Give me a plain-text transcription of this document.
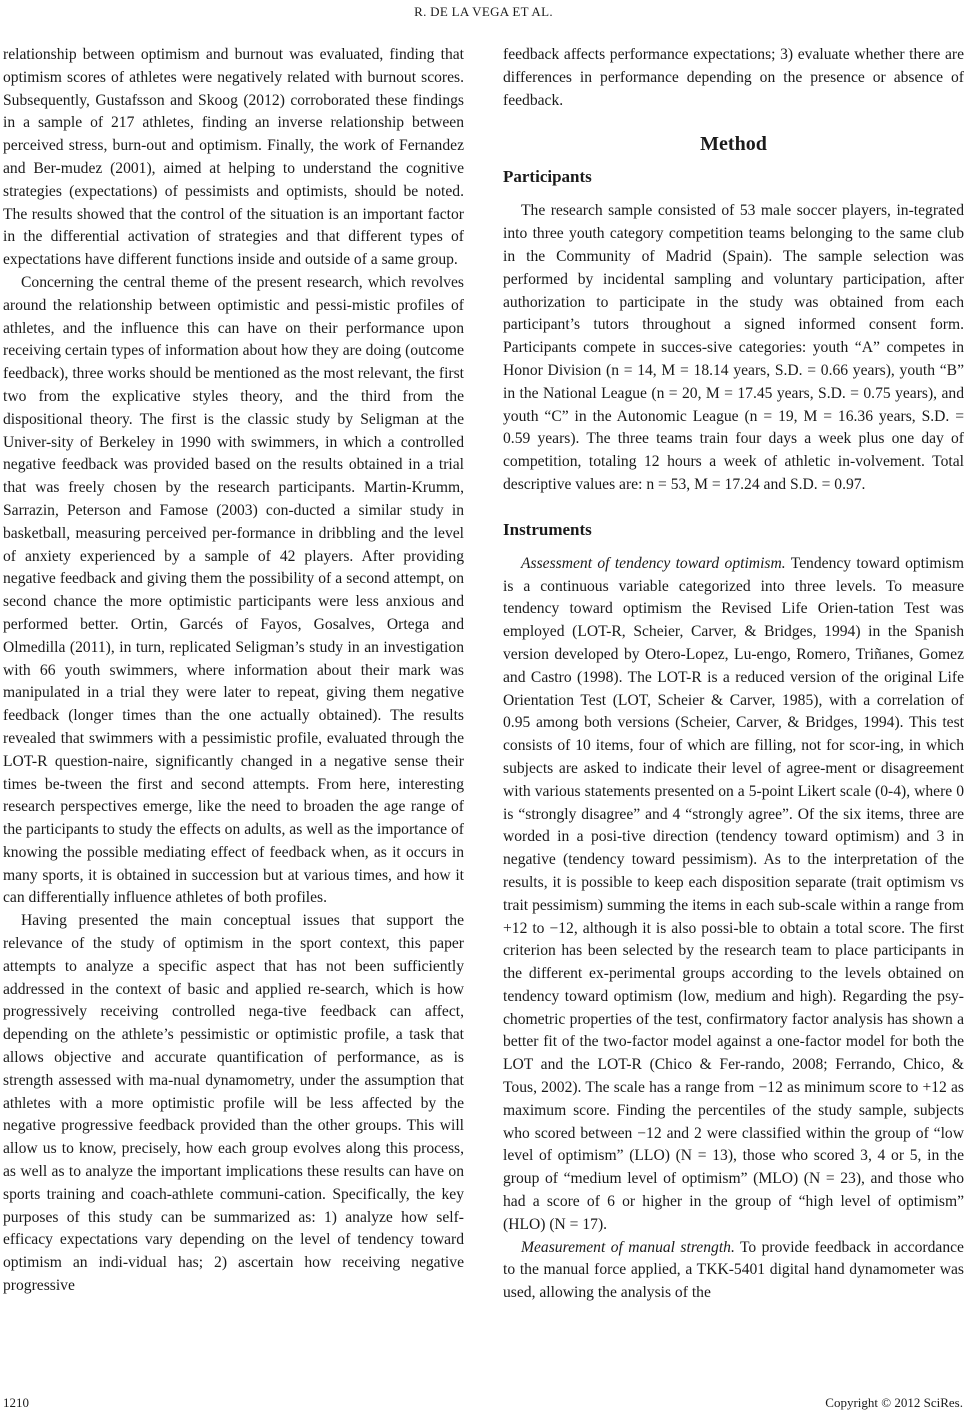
R. DE LA VEGA ET AL.

relationship between optimism and burnout was evaluated, finding that optimism scores of athletes were negatively related with burnout scores. Subsequently, Gustafsson and Skoog (2012) corroborated these findings in a sample of 217 athletes, finding an inverse relationship between perceived stress, burn-out and optimism. Finally, the work of Fernandez and Ber-mudez (2001), aimed at helping to understand the cognitive strategies (expectations) of pessimists and optimists, should be noted. The results showed that the control of the situation is an important factor in the differential activation of strategies and that different types of expectations have different functions inside and outside of a same group.

Concerning the central theme of the present research, which revolves around the relationship between optimistic and pessi-mistic profiles of athletes, and the influence this can have on their performance upon receiving certain types of information about how they are doing (outcome feedback), three works should be mentioned as the most relevant, the first two from the explicative styles theory, and the third from the dispositional theory. The first is the classic study by Seligman at the Univer-sity of Berkeley in 1990 with swimmers, in which a controlled negative feedback was provided based on the results obtained in a trial that was freely chosen by the research participants. Martin-Krumm, Sarrazin, Peterson and Famose (2003) con-ducted a similar study in basketball, measuring perceived per-formance in dribbling and the level of anxiety experienced by a sample of 42 players. After providing negative feedback and giving them the possibility of a second attempt, on second chance the more optimistic participants were less anxious and performed better. Ortin, Garcés of Fayos, Gosalves, Ortega and Olmedilla (2011), in turn, replicated Seligman’s study in an investigation with 66 youth swimmers, where information about their mark was manipulated in a trial they were later to repeat, giving them negative feedback (longer times than the one actually obtained). The results revealed that swimmers with a pessimistic profile, evaluated through the LOT-R question-naire, significantly changed in a negative sense their times be-tween the first and second attempts. From here, interesting research perspectives emerge, like the need to broaden the age range of the participants to study the effects on adults, as well as the importance of knowing the possible mediating effect of feedback when, as it occurs in many sports, it is obtained in succession but at various times, and how it can differentially influence athletes of both profiles.

Having presented the main conceptual issues that support the relevance of the study of optimism in the sport context, this paper attempts to analyze a specific aspect that has not been sufficiently addressed in the context of basic and applied re-search, which is how progressively receiving controlled nega-tive feedback can affect, depending on the athlete’s pessimistic or optimistic profile, a task that allows objective and accurate quantification of performance, as is strength assessed with ma-nual dynamometry, under the assumption that athletes with a more optimistic profile will be less affected by the negative progressive feedback provided than the other groups. This will allow us to know, precisely, how each group evolves along this process, as well as to analyze the important implications these results can have on sports training and coach-athlete communi-cation. Specifically, the key purposes of this study can be summarized as: 1) analyze how self-efficacy expectations vary depending on the level of tendency toward optimism an indi-vidual has; 2) ascertain how receiving negative progressive

feedback affects performance expectations; 3) evaluate whether there are differences in performance depending on the presence or absence of feedback.

Method
Participants

The research sample consisted of 53 male soccer players, in-tegrated into three youth category competition teams belonging to the same club in the Community of Madrid (Spain). The sample selection was performed by incidental sampling and voluntary participation, after authorization to participate in the study was obtained from each participant’s tutors throughout a signed informed consent form. Participants compete in succes-sive categories: youth “A” competes in Honor Division (n = 14, M = 18.14 years, S.D. = 0.66 years), youth “B” in the National League (n = 20, M = 17.45 years, S.D. = 0.75 years), and youth “C” in the Autonomic League (n = 19, M = 16.36 years, S.D. = 0.59 years). The three teams train four days a week plus one day of competition, totaling 12 hours a week of athletic in-volvement. Total descriptive values are: n = 53, M = 17.24 and S.D. = 0.97.

Instruments

Assessment of tendency toward optimism. Tendency toward optimism is a continuous variable categorized into three levels. To measure tendency toward optimism the Revised Life Orien-tation Test was employed (LOT-R, Scheier, Carver, & Bridges, 1994) in the Spanish version developed by Otero-Lopez, Lu-engo, Romero, Triñanes, Gomez and Castro (1998). The LOT-R is a reduced version of the original Life Orientation Test (LOT, Scheier & Carver, 1985), with a correlation of 0.95 among both versions (Scheier, Carver, & Bridges, 1994). This test consists of 10 items, four of which are filling, not for scor-ing, in which subjects are asked to indicate their level of agree-ment or disagreement with various statements presented on a 5-point Likert scale (0-4), where 0 is “strongly disagree” and 4 “strongly agree”. Of the six items, three are worded in a posi-tive direction (tendency toward optimism) and 3 in negative (tendency toward pessimism). As to the interpretation of the results, it is possible to keep each disposition separate (trait optimism vs trait pessimism) summing the items in each sub-scale within a range from +12 to −12, although it is also possi-ble to obtain a total score. The first criterion has been selected by the research team to place participants in the different ex-perimental groups according to the levels obtained on tendency toward optimism (low, medium and high). Regarding the psy-chometric properties of the test, confirmatory factor analysis has shown a better fit of the two-factor model against a one-factor model for both the LOT and the LOT-R (Chico & Fer-rando, 2008; Ferrando, Chico, & Tous, 2002). The scale has a range from −12 as minimum score to +12 as maximum score. Finding the percentiles of the study sample, subjects who scored between −12 and 2 were classified within the group of “low level of optimism” (LLO) (N = 13), those who scored 3, 4 or 5, in the group of “medium level of optimism” (MLO) (N = 23), and those who had a score of 6 or higher in the group of “high level of optimism” (HLO) (N = 17).

Measurement of manual strength. To provide feedback in accordance to the manual force applied, a TKK-5401 digital hand dynamometer was used, allowing the analysis of the

1210	Copyright © 2012 SciRes.
